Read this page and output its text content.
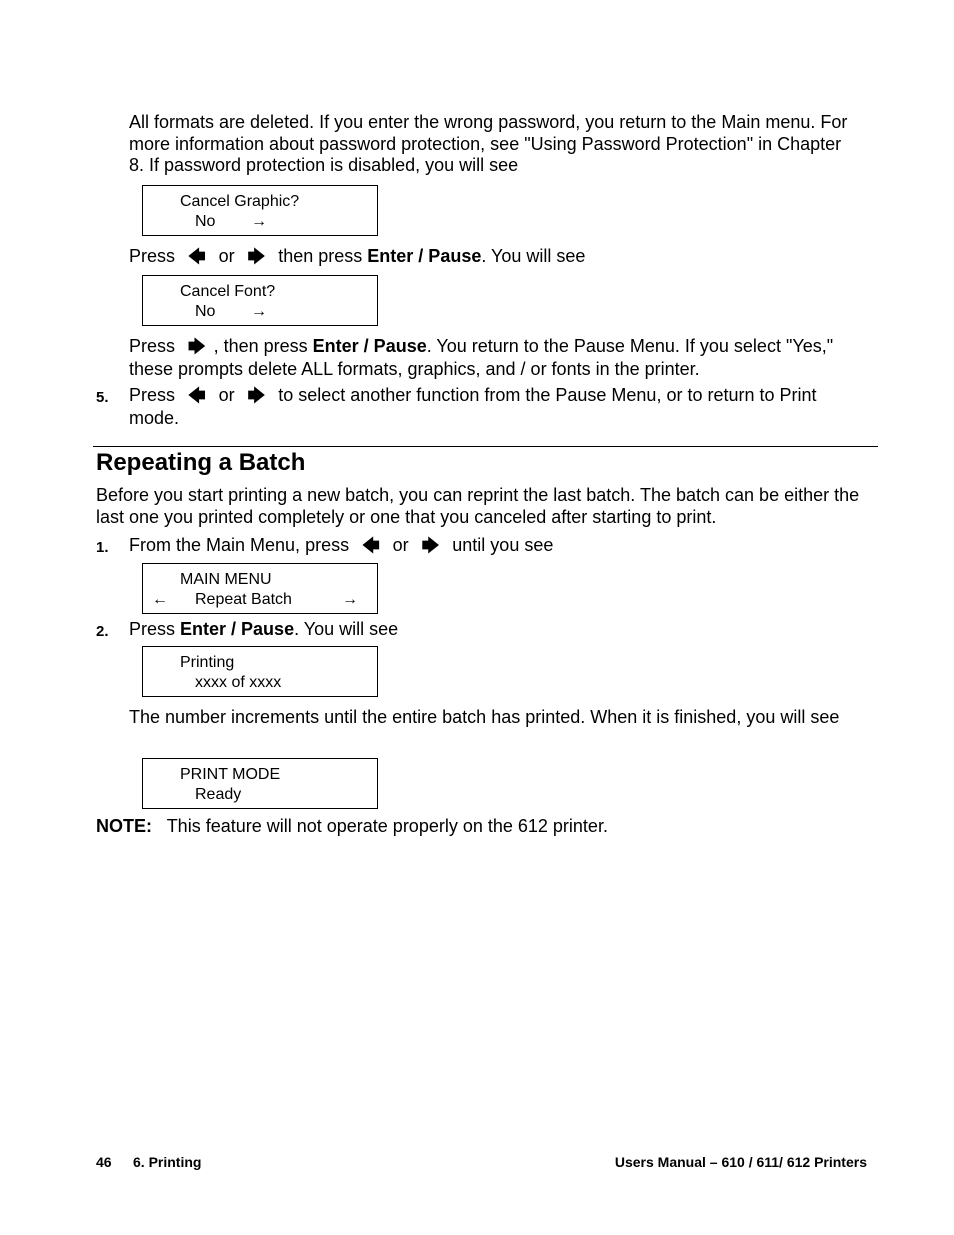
All formats are deleted. If you enter the wrong password, you return to the Main menu. For more information about password protection, see "Using Password Protection" in Chapter 8. If password protection is disabled, you will see

Cancel Graphic?
No →

Press 🡄 or 🡆 then press Enter / Pause. You will see

Cancel Font?
No →

Press 🡆 , then press Enter / Pause. You return to the Pause Menu. If you select "Yes," these prompts delete ALL formats, graphics, and / or fonts in the printer.

5. Press 🡄 or 🡆 to select another function from the Pause Menu, or to return to Print mode.

Repeating a Batch

Before you start printing a new batch, you can reprint the last batch. The batch can be either the last one you printed completely or one that you canceled after starting to print.

1. From the Main Menu, press 🡄 or 🡆 until you see

MAIN MENU
← Repeat Batch	→
2. Press Enter / Pause. You will see

Printing
xxxx of xxxx

The number increments until the entire batch has printed. When it is finished, you will see

PRINT MODE
Ready

NOTE: This feature will not operate properly on the 612 printer.

46 6. Printing	Users Manual – 610 / 611/ 612 Printers
